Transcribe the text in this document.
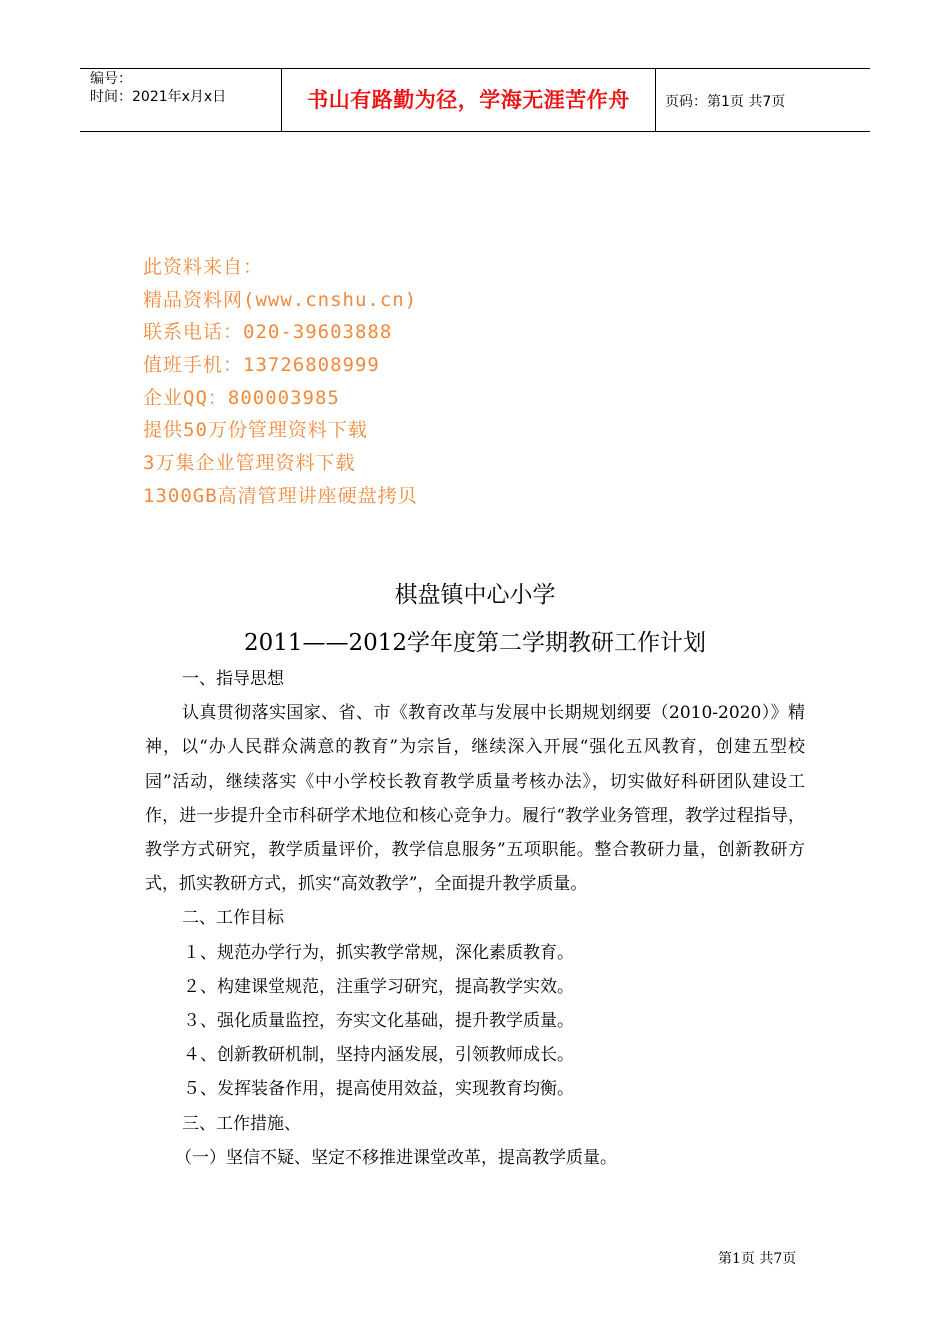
编号：
时间：2021年x月x日	书山有路勤为径，学海无涯苦作舟	页码：第1页 共7页
此资料来自：
精品资料网(www.cnshu.cn)
联系电话：020-39603888
值班手机：13726808999
企业QQ：800003985
提供50万份管理资料下载
3万集企业管理资料下载
1300GB高清管理讲座硬盘拷贝
棋盘镇中心小学
2011——2012学年度第二学期教研工作计划

一、指导思想

认真贯彻落实国家、省、市《教育改革与发展中长期规划纲要（2010-2020）》精神，以“办人民群众满意的教育”为宗旨，继续深入开展“强化五风教育，创建五型校园”活动，继续落实《中小学校长教育教学质量考核办法》，切实做好科研团队建设工作，进一步提升全市科研学术地位和核心竞争力。履行“教学业务管理，教学过程指导，教学方式研究，教学质量评价，教学信息服务”五项职能。整合教研力量，创新教研方式，抓实教研方式，抓实“高效教学”，全面提升教学质量。

二、工作目标

１、规范办学行为，抓实教学常规，深化素质教育。

２、构建课堂规范，注重学习研究，提高教学实效。

３、强化质量监控，夯实文化基础，提升教学质量。

４、创新教研机制，坚持内涵发展，引领教师成长。

５、发挥装备作用，提高使用效益，实现教育均衡。

三、工作措施、

（一）坚信不疑、坚定不移推进课堂改革，提高教学质量。

第1页 共7页
